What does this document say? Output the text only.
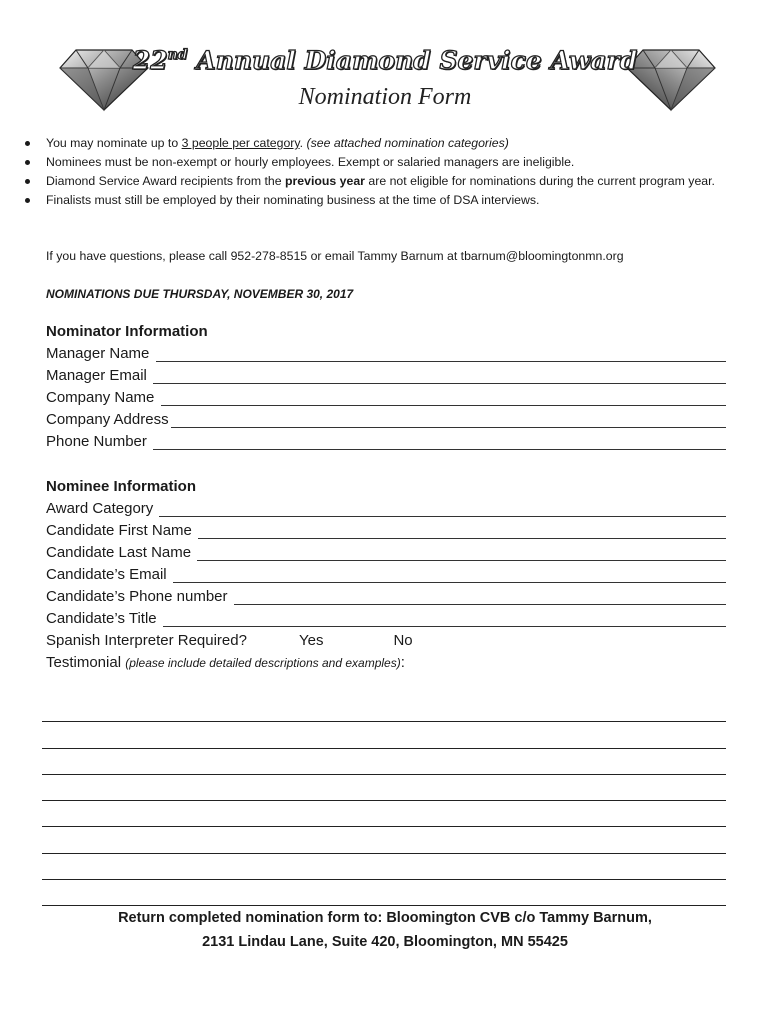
22nd Annual Diamond Service Award
Nomination Form
You may nominate up to 3 people per category. (see attached nomination categories)
Nominees must be non-exempt or hourly employees. Exempt or salaried managers are ineligible.
Diamond Service Award recipients from the previous year are not eligible for nominations during the current program year.
Finalists must still be employed by their nominating business at the time of DSA interviews.
If you have questions, please call 952-278-8515 or email Tammy Barnum at tbarnum@bloomingtonmn.org
NOMINATIONS DUE THURSDAY, NOVEMBER 30, 2017
Nominator Information
Manager Name
Manager Email
Company Name
Company Address
Phone Number
Nominee Information
Award Category
Candidate First Name
Candidate Last Name
Candidate’s Email
Candidate’s Phone number
Candidate’s Title
Spanish Interpreter Required?	Yes	No
Testimonial (please include detailed descriptions and examples):
Return completed nomination form to: Bloomington CVB c/o Tammy Barnum,
2131 Lindau Lane, Suite 420, Bloomington, MN 55425
